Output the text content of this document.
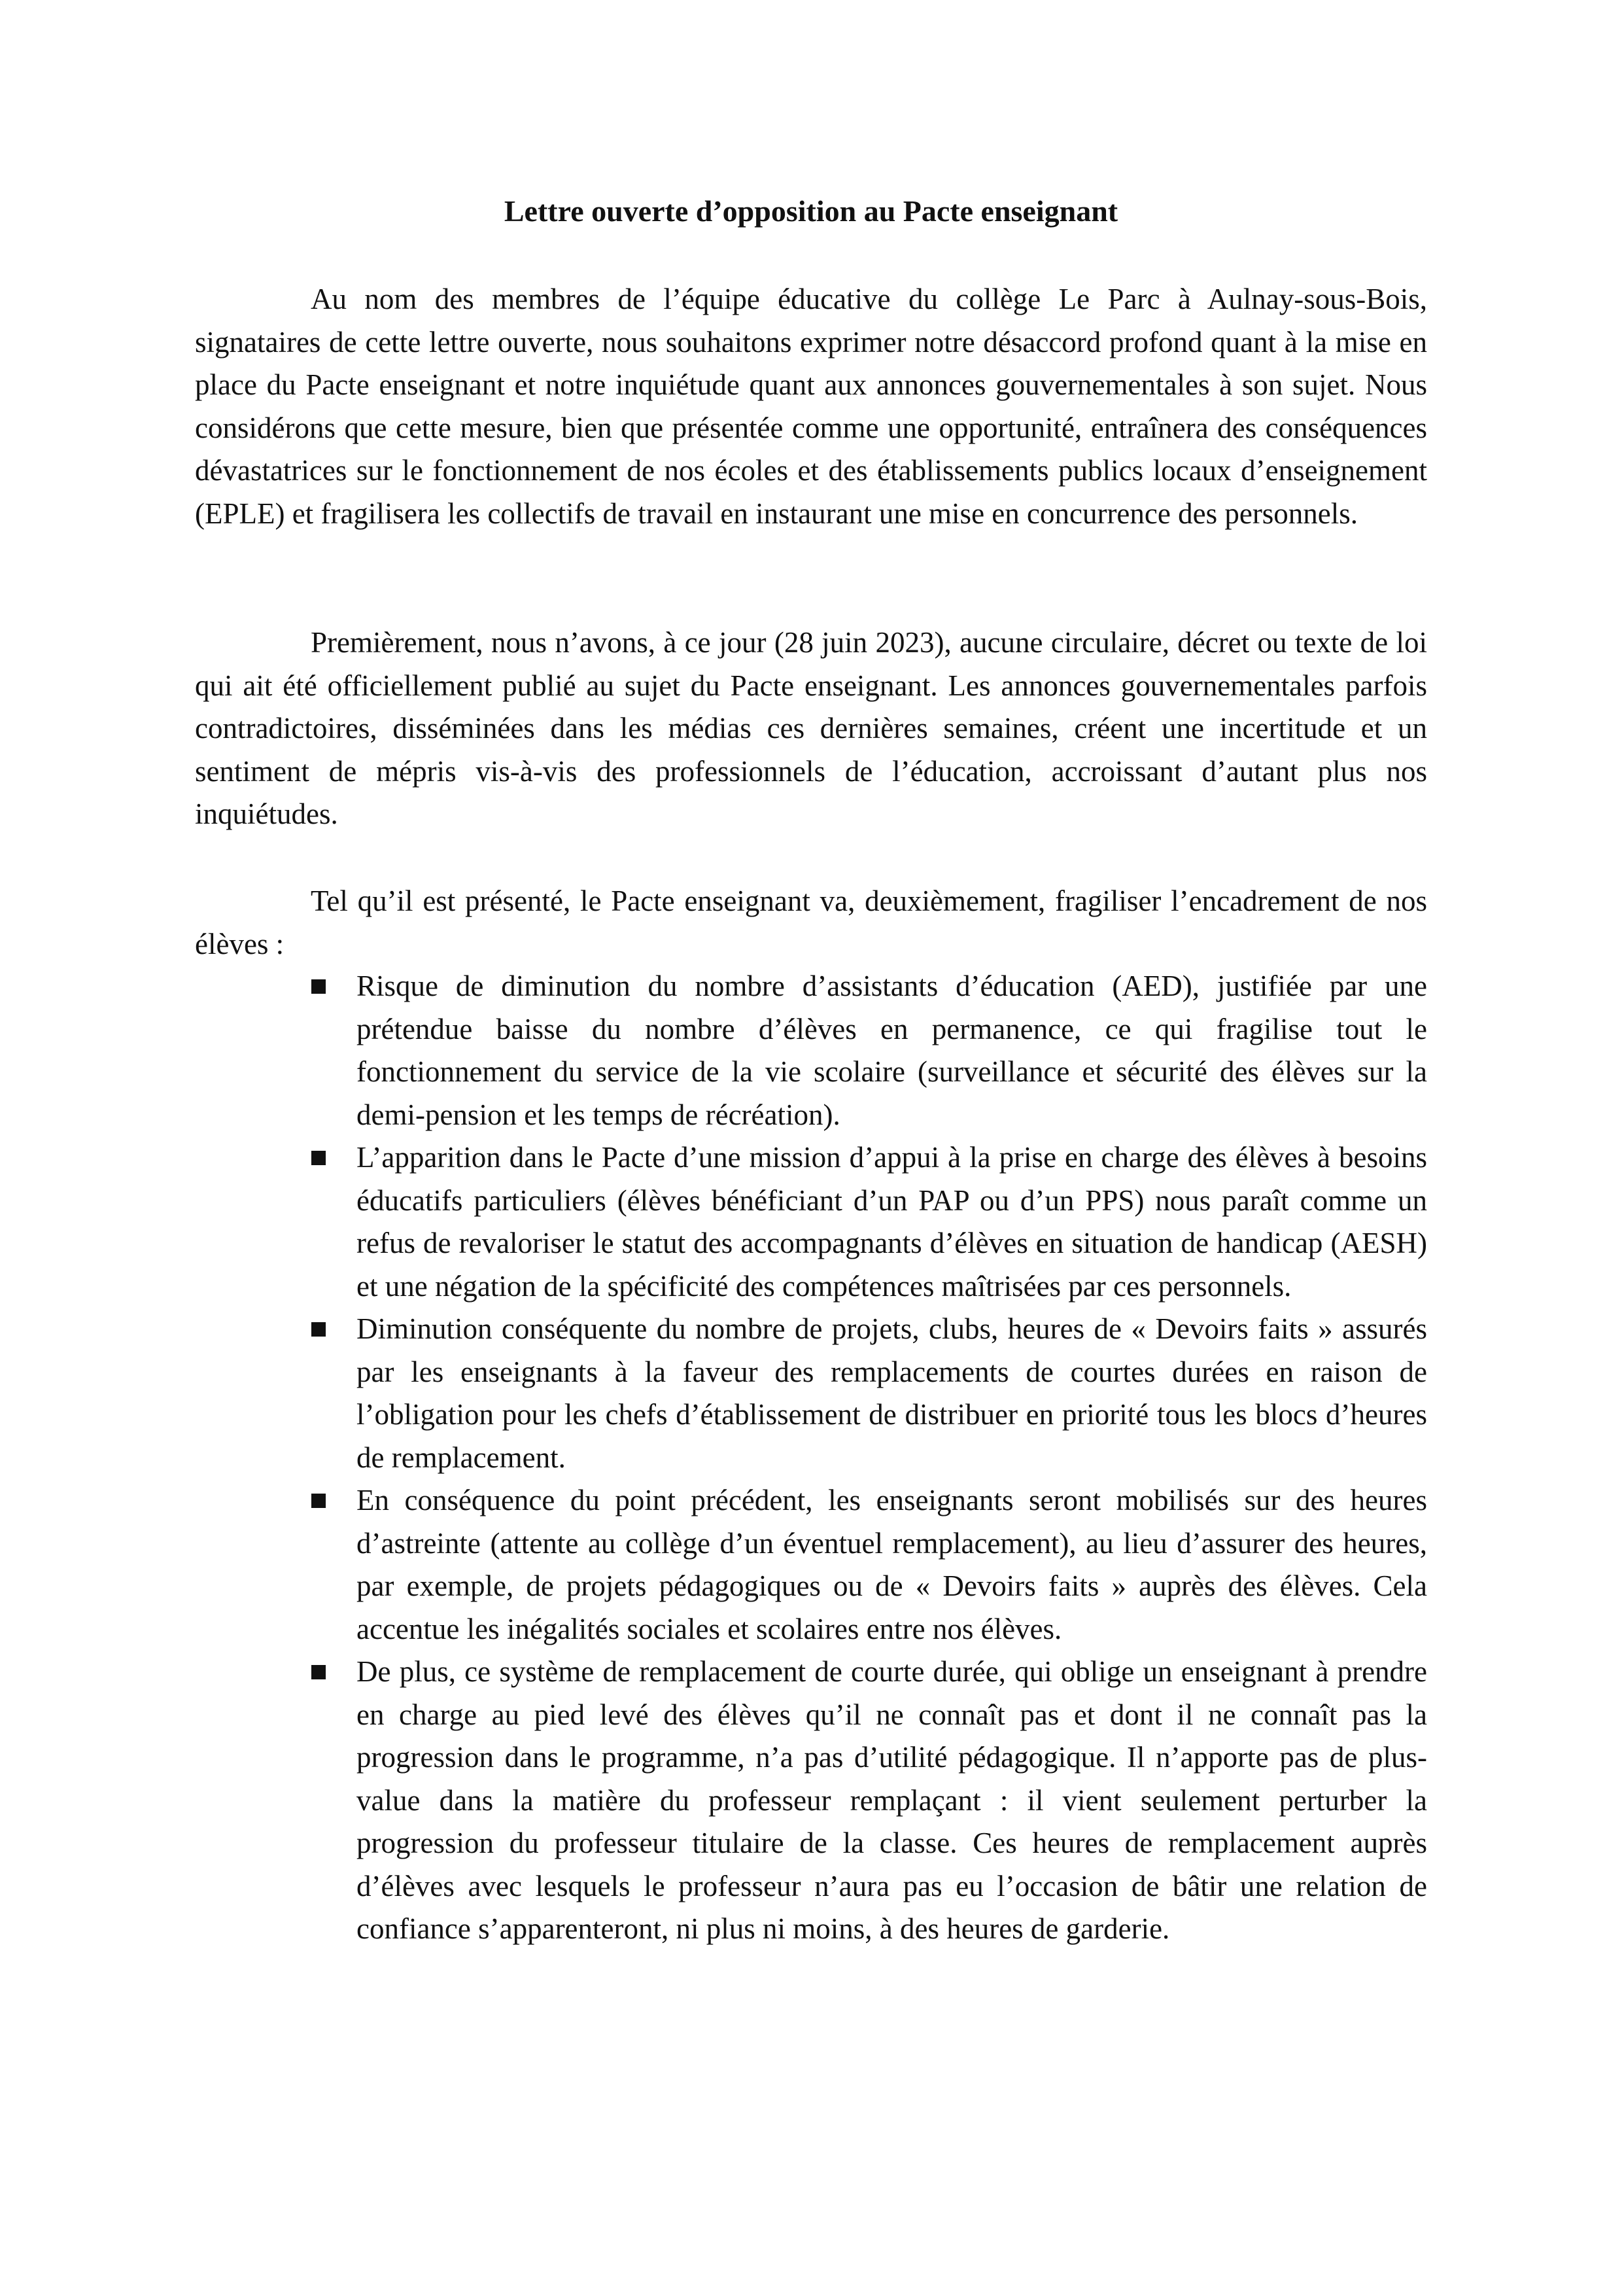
Lettre ouverte d’opposition au Pacte enseignant

Au nom des membres de l’équipe éducative du collège Le Parc à Aulnay-sous-Bois, signataires de cette lettre ouverte, nous souhaitons exprimer notre désaccord profond quant à la mise en place du Pacte enseignant et notre inquiétude quant aux annonces gouvernementales à son sujet. Nous considérons que cette mesure, bien que présentée comme une opportunité, entraînera des conséquences dévastatrices sur le fonctionnement de nos écoles et des établissements publics locaux d’enseignement (EPLE) et fragilisera les collectifs de travail en instaurant une mise en concurrence des personnels.

Premièrement, nous n’avons, à ce jour (28 juin 2023), aucune circulaire, décret ou texte de loi qui ait été officiellement publié au sujet du Pacte enseignant. Les annonces gouvernementales parfois contradictoires, disséminées dans les médias ces dernières semaines, créent une incertitude et un sentiment de mépris vis-à-vis des professionnels de l’éducation, accroissant d’autant plus nos inquiétudes.

Tel qu’il est présenté, le Pacte enseignant va, deuxièmement, fragiliser l’encadrement de nos élèves :

Risque de diminution du nombre d’assistants d’éducation (AED), justifiée par une prétendue baisse du nombre d’élèves en permanence, ce qui fragilise tout le fonctionnement du service de la vie scolaire (surveillance et sécurité des élèves sur la demi-pension et les temps de récréation).
L’apparition dans le Pacte d’une mission d’appui à la prise en charge des élèves à besoins éducatifs particuliers (élèves bénéficiant d’un PAP ou d’un PPS) nous paraît comme un refus de revaloriser le statut des accompagnants d’élèves en situation de handicap (AESH) et une négation de la spécificité des compétences maîtrisées par ces personnels.
Diminution conséquente du nombre de projets, clubs, heures de « Devoirs faits » assurés par les enseignants à la faveur des remplacements de courtes durées en raison de l’obligation pour les chefs d’établissement de distribuer en priorité tous les blocs d’heures de remplacement.
En conséquence du point précédent, les enseignants seront mobilisés sur des heures d’astreinte (attente au collège d’un éventuel remplacement), au lieu d’assurer des heures, par exemple, de projets pédagogiques ou de « Devoirs faits » auprès des élèves. Cela accentue les inégalités sociales et scolaires entre nos élèves.
De plus, ce système de remplacement de courte durée, qui oblige un enseignant à prendre en charge au pied levé des élèves qu’il ne connaît pas et dont il ne connaît pas la progression dans le programme, n’a pas d’utilité pédagogique. Il n’apporte pas de plus-value dans la matière du professeur remplaçant : il vient seulement perturber la progression du professeur titulaire de la classe. Ces heures de remplacement auprès d’élèves avec lesquels le professeur n’aura pas eu l’occasion de bâtir une relation de confiance s’apparenteront, ni plus ni moins, à des heures de garderie.
